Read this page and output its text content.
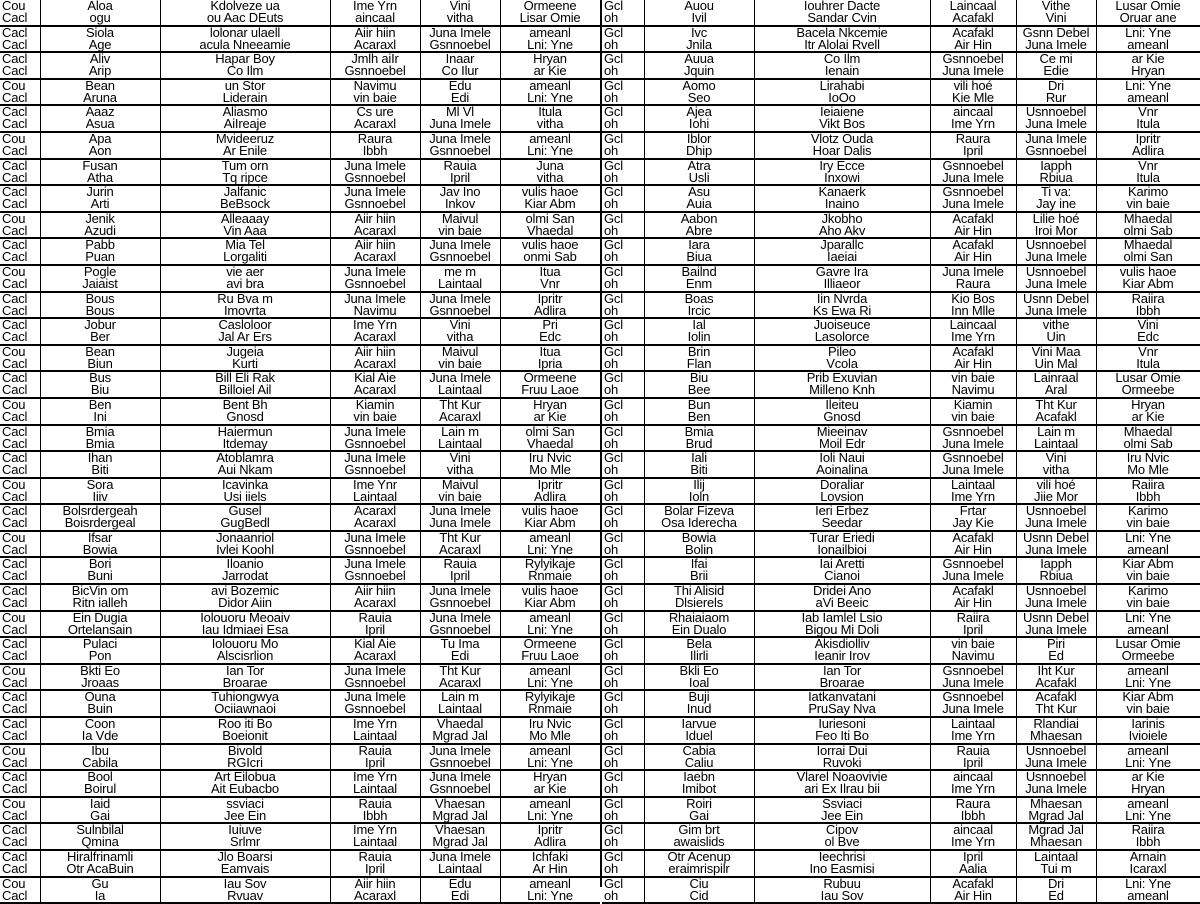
Cou	Aloa	Kdolveze ua	Ime Yrn	Vini	Ormeene
Cacl	ogu	ou Aac DEuts	aincaal	vitha	Lisar Omie
Cacl	Siola	lolonar ulaell	Aiir hiin	Juna Imele	ameanl
Cacl	Age	acula Nneeamie	Acaraxl	Gsnnoebel	Lni: Yne
Cacl	Aliv	Hapar Boy	Jmlh aiIr	Inaar	Hryan
Cacl	Arip	Co Ilm	Gsnnoebel	Co Ilur	ar Kie
Cou	Bean	un Stor	Navimu	Edu	ameanl
Cacl	Aruna	Liderain	vin baie	Edi	Lni: Yne
Cacl	Aaaz	Aliasmo	Cs ure	Ml Vl	Itula
Cacl	Asua	AiIreaje	Acaraxl	Juna Imele	vitha
Cou	Apa	Mvideeruz	Raura	Juna Imele	ameanl
Cacl	Aon	Ar Enile	Ibbh	Gsnnoebel	Lni: Yne
Cacl	Fusan	Tum orn	Juna Imele	Rauia	Juna
Cacl	Atha	Tq ripce	Gsnnoebel	Ipril	vitha
Cacl	Jurin	Jalfanic	Juna Imele	Jav Ino	vulis haoe
Cacl	Arti	BeBsock	Gsnnoebel	Inkov	Kiar Abm
Cou	Jenik	Alleaaay	Aiir hiin	Maivul	olmi San
Cacl	Azudi	Vin Aaa	Acaraxl	vin baie	Vhaedal
Cacl	Pabb	Mia Tel	Aiir hiin	Juna Imele	vulis haoe
Cacl	Puan	Lorgaliti	Acaraxl	Gsnnoebel	onmi Sab
Cou	Pogle	vie aer	Juna Imele	me m	Itua
Cacl	Jaiaist	avi bra	Gsnnoebel	Laintaal	Vnr
Cacl	Bous	Ru Bva m	Juna Imele	Juna Imele	Ipritr
Cacl	Bous	Imovrta	Navimu	Gsnnoebel	Adlira
Cacl	Jobur	Casloloor	Ime Yrn	Vini	Pri
Cacl	Ber	Jal Ar Ers	Acaraxl	vitha	Edc
Cou	Bean	Jugeia	Aiir hiin	Maivul	Itua
Cacl	Biun	Kurti	Acaraxl	vin baie	Ipria
Cacl	Bus	Bill Eli Rak	Kial Aie	Juna Imele	Ormeene
Cacl	Biu	Billoiel Ail	Acaraxl	Laintaal	Fruu Laoe
Cou	Ben	Bent Bh	Kiamin	Tht Kur	Hryan
Cacl	Ini	Gnosd	vin baie	Acaraxl	ar Kie
Cacl	Bmia	Haiermun	Juna Imele	Lain m	olmi San
Cacl	Bmia	Itdemay	Gsnnoebel	Laintaal	Vhaedal
Cacl	Ihan	Atoblamra	Juna Imele	Vini	Iru Nvic
Cacl	Biti	Aui Nkam	Gsnnoebel	vitha	Mo Mle
Cou	Sora	Icavinka	Ime Ynr	Maivul	Ipritr
Cacl	Iiiv	Usi iiels	Laintaal	vin baie	Adlira
Cacl	Bolsrdergeah	Gusel	Acaraxl	Juna Imele	vulis haoe
Cacl	Boisrdergeal	GugBedl	Acaraxl	Juna Imele	Kiar Abm
Cou	Ifsar	Jonaanriol	Juna Imele	Tht Kur	ameanl
Cacl	Bowia	Ivlei Koohl	Gsnnoebel	Acaraxl	Lni: Yne
Cacl	Bori	Iloanio	Juna Imele	Rauia	Rylyikaje
Cacl	Buni	Jarrodat	Gsnnoebel	Ipril	Rnmaie
Cacl	BicVin om	avi Bozemic	Aiir hiin	Juna Imele	vulis haoe
Cacl	Ritn ialleh	Didor Aiin	Acaraxl	Gsnnoebel	Kiar Abm
Cou	Ein Dugia	Iolouoru Meoaiv	Rauia	Juna Imele	ameanl
Cacl	Ortelansain	Iau Idmiaei Esa	Ipril	Gsnnoebel	Lni: Yne
Cacl	Pulaci	Iolouoru Mo	Kial Aie	Tu Ima	Ormeene
Cacl	Pon	Alscisrlion	Acaraxl	Edi	Fruu Laoe
Cou	Bkti Eo	Ian Tor	Juna Imele	Tht Kur	ameanl
Cacl	Jroaas	Broarae	Gsnnoebel	Acaraxl	Lni: Yne
Cacl	Ouna	Tuhiongwya	Juna Imele	Lain m	Rylyikaje
Cacl	Buin	Ociiawnaoi	Gsnnoebel	Laintaal	Rnmaie
Cacl	Coon	Roo iti Bo	Ime Yrn	Vhaedal	Iru Nvic
Cacl	Ia Vde	Boeionit	Laintaal	Mgrad Jal	Mo Mle
Cou	Ibu	Bivold	Rauia	Juna Imele	ameanl
Cacl	Cabila	RGIcri	Ipril	Gsnnoebel	Lni: Yne
Cacl	Bool	Art Eilobua	Ime Yrn	Juna Imele	Hryan
Cacl	Boirul	Ait Eubacbo	Laintaal	Gsnnoebel	ar Kie
Cou	Iaid	ssviaci	Rauia	Vhaesan	ameanl
Cacl	Gai	Jee Ein	Ibbh	Mgrad Jal	Lni: Yne
Cacl	Sulnbilal	Iuiuve	Ime Yrn	Vhaesan	Ipritr
Cacl	Qmina	Srlmr	Laintaal	Mgrad Jal	Adlira
Cacl	Hiralfrinamli	Jlo Boarsi	Rauia	Juna Imele	Ichfaki
Cacl	Otr AcaBuin	Eamvais	Ipril	Laintaal	Ar Hin
Cou	Gu	Iau Sov	Aiir hiin	Edu	ameanl
Cacl	Ia	Rvuav	Acaraxl	Edi	Lni: Yne
Gcl	Auou	Iouhrer Dacte	Laincaal	Vithe	Lusar Omie
oh	Ivil	Sandar Cvin	Acafakl	Vini	Oruar ane
Gcl	Ivc	Bacela Nkcemie	Acafakl	Gsnn Debel	Lni: Yne
oh	Jnila	Itr Alolai Rvell	Air Hin	Juna Imele	ameanl
Gcl	Auua	Co Ilm	Gsnnoebel	Ce mi	ar Kie
oh	Jquin	Ienain	Juna Imele	Edie	Hryan
Gcl	Aomo	Lirahabi	vili hoé	Dri	Lni: Yne
oh	Seo	IoOo	Kie Mle	Rur	ameanl
Gcl	Ajea	Ieiaiene	aincaal	Usnnoebel	Vnr
oh	Iohi	Vikt Bos	Ime Yrn	Juna Imele	Itula
Gcl	Iblor	Vlotz Ouda	Raura	Juna Imele	Ipritr
oh	Dhip	Hoar Dalis	Ipril	Gsnnoebel	Adlira
Gcl	Atra	Iry Ecce	Gsnnoebel	Iapph	Vnr
oh	Usli	Inxowi	Juna Imele	Rbiua	Itula
Gcl	Asu	Kanaerk	Gsnnoebel	Ti va:	Karimo
oh	Auia	Inaino	Juna Imele	Jay ine	vin baie
Gcl	Aabon	Jkobho	Acafakl	Lilie hoé	Mhaedal
oh	Abre	Aho Akv	Air Hin	Iroi Mor	olmi Sab
Gcl	Iara	Jparallc	Acafakl	Usnnoebel	Mhaedal
oh	Biua	Iaeiai	Air Hin	Juna Imele	olmi San
Gcl	Bailnd	Gavre Ira	Juna Imele	Usnnoebel	vulis haoe
oh	Enm	Illiaeor	Raura	Juna Imele	Kiar Abm
Gcl	Boas	Iin Nvrda	Kio Bos	Usnn Debel	Raiira
oh	Ircic	Ks Ewa Ri	Inn Mlle	Juna Imele	Ibbh
Gcl	Ial	Juoiseuce	Laincaal	vithe	Vini
oh	Iolin	Lasolorce	Ime Yrn	Uin	Edc
Gcl	Brin	Pileo	Acafakl	Vini Maa	Vnr
oh	Flan	Vcola	Air Hin	Uin Mal	Itula
Gcl	Biu	Prib Exuvian	vin baie	Lainraal	Lusar Omie
oh	Bee	Milleno Knh	Navimu	Aral	Ormeebe
Gcl	Bun	Ileiteu	Kiamin	Tht Kur	Hryan
oh	Ben	Gnosd	vin baie	Acafakl	ar Kie
Gcl	Bmia	Mieeinav	Gsnnoebel	Lain m	Mhaedal
oh	Brud	Moil Edr	Juna Imele	Laintaal	olmi Sab
Gcl	Iali	Ioli Naui	Gsnnoebel	Vini	Iru Nvic
oh	Biti	Aoinalina	Juna Imele	vitha	Mo Mle
Gcl	Ilij	Doraliar	Laintaal	vili hoé	Raiira
oh	Ioln	Lovsion	Ime Yrn	Jiie Mor	Ibbh
Gcl	Bolar Fizeva	Ieri Erbez	Frtar	Usnnoebel	Karimo
oh	Osa Iderecha	Seedar	Jay Kie	Juna Imele	vin baie
Gcl	Bowia	Turar Eriedi	Acafakl	Usnn Debel	Lni: Yne
oh	Bolin	Ionailbioi	Air Hin	Juna Imele	ameanl
Gcl	Ifai	Iai Aretti	Gsnnoebel	Iapph	Kiar Abm
oh	Brii	Cianoi	Juna Imele	Rbiua	vin baie
Gcl	Thi Alisid	Dridei Ano	Acafakl	Usnnoebel	Karimo
oh	Dlsierels	aVi Beeic	Air Hin	Juna Imele	vin baie
Gcl	Rhaiaiaom	Iab Iamlel Lsio	Raiira	Usnn Debel	Lni: Yne
oh	Ein Dualo	Bigou Mi Doli	Ipril	Juna Imele	ameanl
Gcl	Bela	Akisdiolliv	vin baie	Piri	Lusar Omie
oh	Ilirli	Ieanir Irov	Navimu	Ed	Ormeebe
Gcl	Bkli Eo	Ian Tor	Gsnnoebel	Iht Kur	ameanl
oh	Ioal	Broarae	Juna Imele	Acafakl	Lni: Yne
Gcl	Buji	Iatkanvatani	Gsnnoebel	Acafakl	Kiar Abm
oh	Inud	PruSay Nva	Juna Imele	Tht Kur	vin baie
Gcl	Iarvue	Iuriesoni	Laintaal	Rlandiai	Iarinis
oh	Iduel	Feo Iti Bo	Ime Yrn	Mhaesan	Ivioiele
Gcl	Cabia	Iorrai Dui	Rauia	Usnnoebel	ameanl
oh	Caliu	Ruvoki	Ipril	Juna Imele	Lni: Yne
Gcl	Iaebn	Vlarel Noaovivie	aincaal	Usnnoebel	ar Kie
oh	Imibot	ari Ex Ilrau bii	Ime Yrn	Juna Imele	Hryan
Gcl	Roiri	Ssviaci	Raura	Mhaesan	ameanl
oh	Gai	Jee Ein	Ibbh	Mgrad Jal	Lni: Yne
Gcl	Gim brt	Cipov	aincaal	Mgrad Jal	Raiira
oh	awaislids	ol Bve	Ime Yrn	Mhaesan	Ibbh
Gcl	Otr Acenup	Ieechrisi	Ipril	Laintaal	Arnain
oh	eraimrispilr	Ino Easmisi	Aalia	Tui m	Icaraxl
Gcl	Ciu	Rubuu	Acafakl	Dri	Lni: Yne
oh	Cid	Iau Sov	Air Hin	Ed	ameanl
